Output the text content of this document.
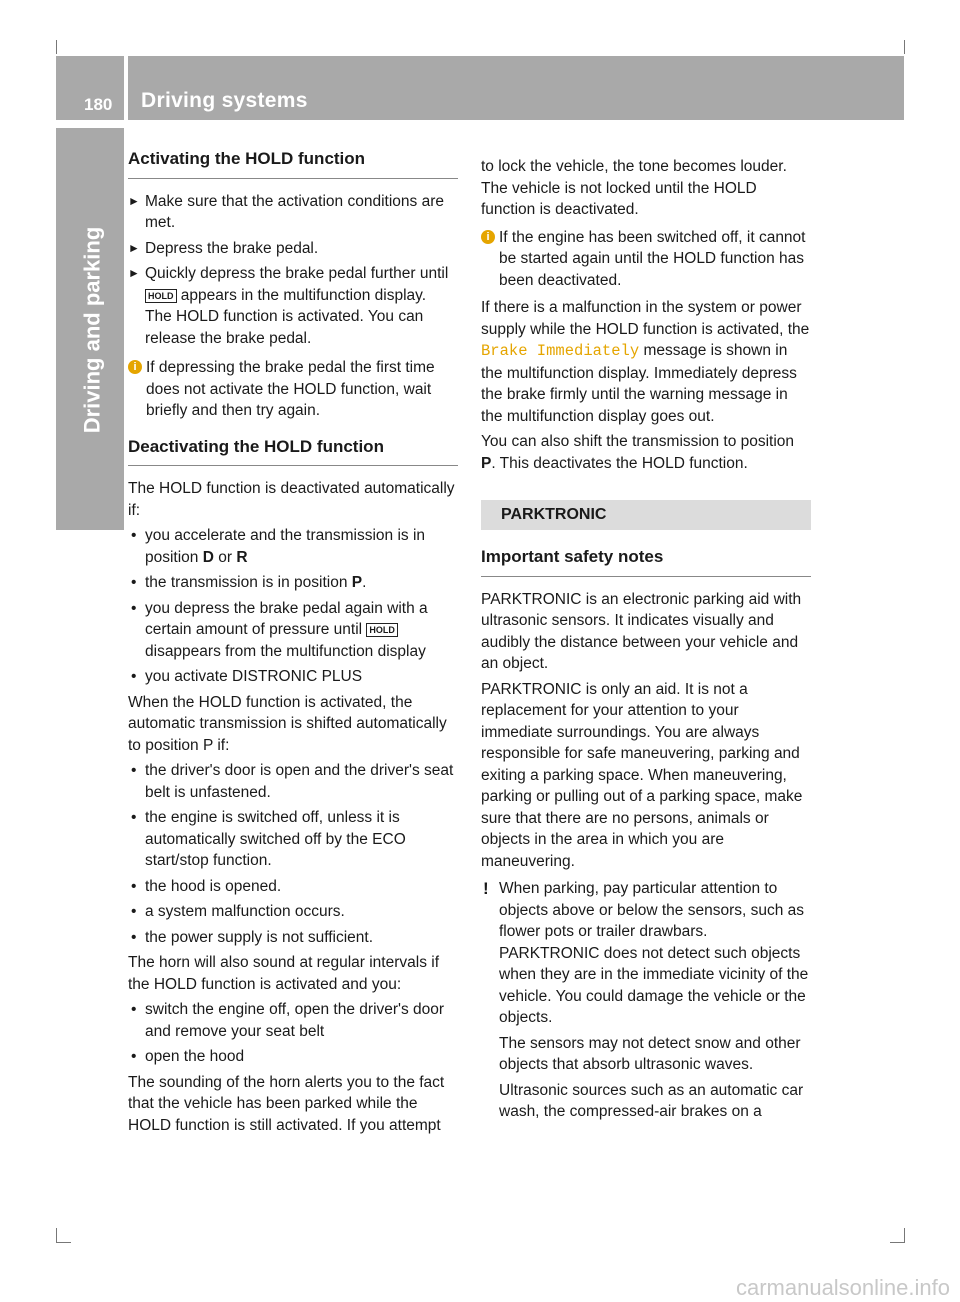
180 Driving systems
Driving and parking
Activating the HOLD function
► Make sure that the activation conditions are met.
► Depress the brake pedal.
► Quickly depress the brake pedal further until HOLD appears in the multifunction display.
The HOLD function is activated. You can release the brake pedal.
i If depressing the brake pedal the first time does not activate the HOLD function, wait briefly and then try again.
Deactivating the HOLD function

The HOLD function is deactivated automatically if:

• you accelerate and the transmission is in position D or R
• the transmission is in position P.
• you depress the brake pedal again with a certain amount of pressure until HOLD disappears from the multifunction display
• you activate DISTRONIC PLUS

When the HOLD function is activated, the automatic transmission is shifted automatically to position P if:

• the driver's door is open and the driver's seat belt is unfastened.
• the engine is switched off, unless it is automatically switched off by the ECO start/stop function.
• the hood is opened.
• a system malfunction occurs.
• the power supply is not sufficient.

The horn will also sound at regular intervals if the HOLD function is activated and you:

• switch the engine off, open the driver's door and remove your seat belt
• open the hood

The sounding of the horn alerts you to the fact that the vehicle has been parked while the HOLD function is still activated. If you attempt

to lock the vehicle, the tone becomes louder. The vehicle is not locked until the HOLD function is deactivated.

i If the engine has been switched off, it cannot be started again until the HOLD function has been deactivated.

If there is a malfunction in the system or power supply while the HOLD function is activated, the Brake Immediately message is shown in the multifunction display. Immediately depress the brake firmly until the warning message in the multifunction display goes out.

You can also shift the transmission to position P. This deactivates the HOLD function.

PARKTRONIC
Important safety notes

PARKTRONIC is an electronic parking aid with ultrasonic sensors. It indicates visually and audibly the distance between your vehicle and an object.

PARKTRONIC is only an aid. It is not a replacement for your attention to your immediate surroundings. You are always responsible for safe maneuvering, parking and exiting a parking space. When maneuvering, parking or pulling out of a parking space, make sure that there are no persons, animals or objects in the area in which you are maneuvering.

! When parking, pay particular attention to objects above or below the sensors, such as flower pots or trailer drawbars. PARKTRONIC does not detect such objects when they are in the immediate vicinity of the vehicle. You could damage the vehicle or the objects.

The sensors may not detect snow and other objects that absorb ultrasonic waves.

Ultrasonic sources such as an automatic car wash, the compressed-air brakes on a

carmanualsonline.info
